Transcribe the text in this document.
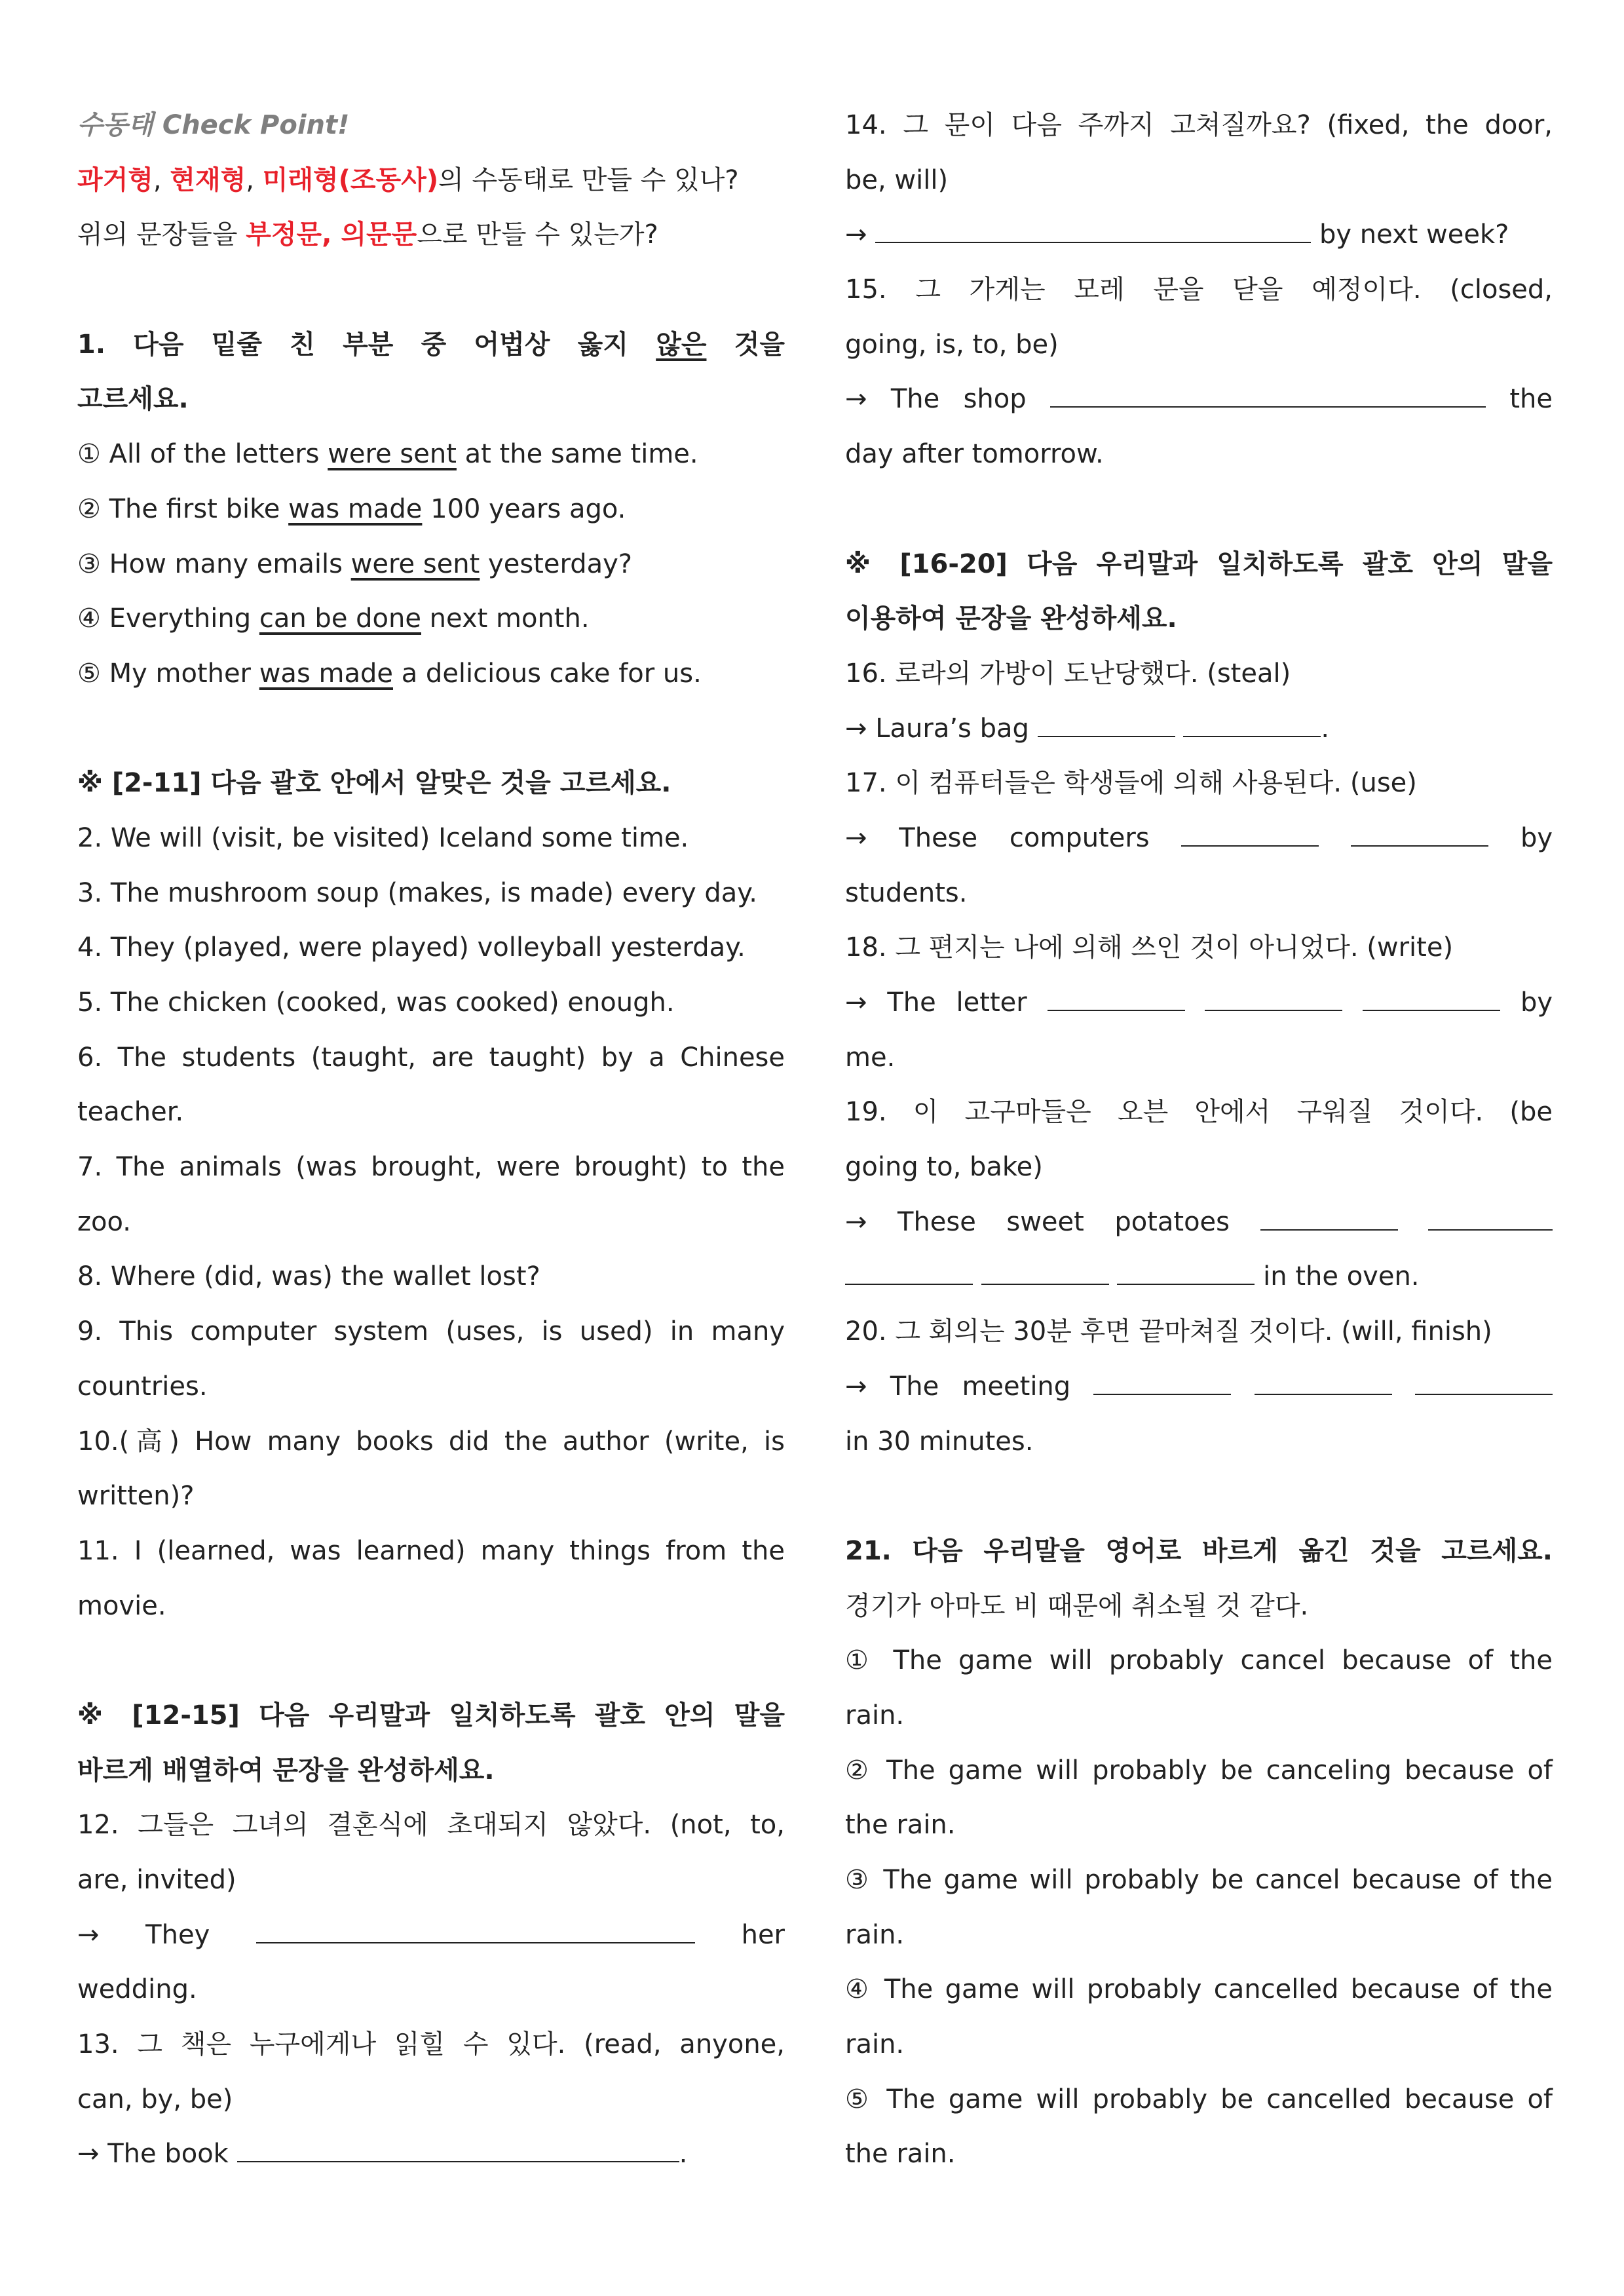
수동태 Check Point!
과거형, 현재형, 미래형(조동사)의 수동태로 만들 수 있나?
위의 문장들을 부정문, 의문문으로 만들 수 있는가?
1. 다음 밑줄 친 부분 중 어법상 옳지 않은 것을
고르세요.
① All of the letters were sent at the same time.
② The first bike was made 100 years ago.
③ How many emails were sent yesterday?
④ Everything can be done next month.
⑤ My mother was made a delicious cake for us.
※ [2-11] 다음 괄호 안에서 알맞은 것을 고르세요.
2. We will (visit, be visited) Iceland some time.
3. The mushroom soup (makes, is made) every day.
4. They (played, were played) volleyball yesterday.
5. The chicken (cooked, was cooked) enough.
6. The students (taught, are taught) by a Chinese
teacher.
7. The animals (was brought, were brought) to the
zoo.
8. Where (did, was) the wallet lost?
9. This computer system (uses, is used) in many
countries.
10.(高) How many books did the author (write, is
written)?
11. I (learned, was learned) many things from the
movie.
※ [12-15] 다음 우리말과 일치하도록 괄호 안의 말을
바르게 배열하여 문장을 완성하세요.
12. 그들은 그녀의 결혼식에 초대되지 않았다. (not, to,
are, invited)
→ They	her
wedding.
13. 그 책은 누구에게나 읽힐 수 있다. (read, anyone,
can, by, be)
→ The book	.
14. 그 문이 다음 주까지 고쳐질까요? (fixed, the door,
be, will)
→	by next week?
15. 그 가게는 모레 문을 닫을 예정이다. (closed,
going, is, to, be)
→ The shop	the
day after tomorrow.
※ [16-20] 다음 우리말과 일치하도록 괄호 안의 말을
이용하여 문장을 완성하세요.
16. 로라의 가방이 도난당했다. (steal)
→ Laura’s bag	.
17. 이 컴퓨터들은 학생들에 의해 사용된다. (use)
→ These computers	by
students.
18. 그 편지는 나에 의해 쓰인 것이 아니었다. (write)
→ The letter	by
me.
19. 이 고구마들은 오븐 안에서 구워질 것이다. (be
going to, bake)
→ These sweet potatoes
in the oven.
20. 그 회의는 30분 후면 끝마쳐질 것이다. (will, finish)
→ The meeting
in 30 minutes.
21. 다음 우리말을 영어로 바르게 옮긴 것을 고르세요.
경기가 아마도 비 때문에 취소될 것 같다.
① The game will probably cancel because of the
rain.
② The game will probably be canceling because of
the rain.
③ The game will probably be cancel because of the
rain.
④ The game will probably cancelled because of the
rain.
⑤ The game will probably be cancelled because of
the rain.
